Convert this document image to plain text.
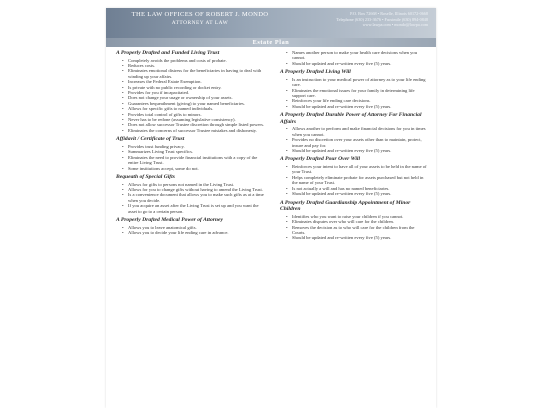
THE LAW OFFICES OF ROBERT J. MONDO
ATTORNEY AT LAW
P.O. Box 72668 • Roselle, Illinois 60172-0668
Telephone (630) 233-3676 • Facsimile (630) 894-0848
www.lawpa.com • mondo@lawpa.com
Estate Plan
A Properly Drafted and Funded Living Trust
• Completely avoids the problems and costs of probate.
• Reduces costs.
• Eliminates emotional distress for the beneficiaries in having to deal with winding up your affairs.
• Increases the Federal Estate Exemption.
• Is private with no public recording or docket entry.
• Provides for you if incapacitated.
• Does not change your usage or ownership of your assets.
• Guarantees bequeathment (giving) to your named beneficiaries.
• Allows for specific gifts to named individuals.
• Provides total control of gifts to minors.
• Never has to be redone (assuming legislative consistency).
• Does not allow successor Trustee discretion through simple listed powers.
• Eliminates the concerns of successor Trustee mistakes and dishonesty.
Affidavit / Certificate of Trust
• Provides trust funding privacy.
• Summarizes Living Trust specifics.
• Eliminates the need to provide financial institutions with a copy of the entire Living Trust.
• Some institutions accept, some do not.
Bequeath of Special Gifts
• Allows for gifts to persons not named in the Living Trust.
• Allows for you to change gifts without having to amend the Living Trust.
• Is a convenience document that allows you to make such gifts as at a time when you decide.
• If you acquire an asset after the Living Trust is set up and you want the asset to go to a certain person.
A Properly Drafted Medical Power of Attorney
• Allows you to leave anatomical gifts.
• Allows you to decide your life ending care in advance.
• Names another person to make your health care decisions when you cannot.
• Should be updated and re-written every five (5) years.
A Properly Drafted Living Will
• Is an instruction to your medical power of attorney as to your life ending care.
• Eliminates the emotional issues for your family in determining life support care.
• Reinforces your life ending care decisions.
• Should be updated and re-written every five (5) years.
A Properly Drafted Durable Power of Attorney For Financial Affairs
• Allows another to perform and make financial decisions for you in times when you cannot.
• Provides no discretion over your assets other than to maintain, protect, insure and pay for.
• Should be updated and re-written every five (5) years.
A Properly Drafted Pour Over Will
• Reinforces your intent to have all of your assets to be held in the name of your Trust.
• Helps completely eliminate probate for assets purchased but not held in the name of your Trust.
• Is not actually a will and has no named beneficiaries.
• Should be updated and re-written every five (5) years.
A Properly Drafted Guardianship Appointment of Minor Children
• Identifies who you want to raise your children if you cannot.
• Eliminates disputes over who will care for the children.
• Removes the decision as to who will care for the children from the Courts.
• Should be updated and re-written every five (5) years.
